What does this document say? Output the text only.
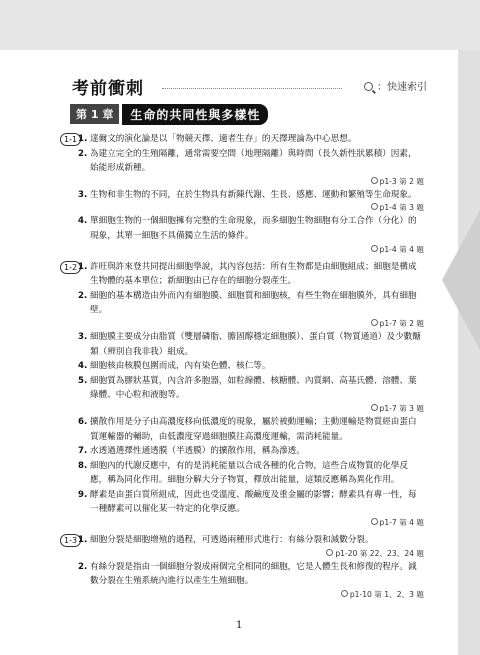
考前衝刺	：快速索引
第 1 章 生命的共同性與多樣性
1-1 1. 達爾文的演化論是以「物競天擇、適者生存」的天擇理論為中心思想。
2. 為建立完全的生殖隔離，通常需要空間（地理隔離）與時間（長久新性狀累積）因素，始能形成新種。
p1-3 第 2 題
3. 生物和非生物的不同，在於生物具有新陳代謝、生長、感應、運動和繁殖等生命現象。
p1-4 第 3 題
4. 單細胞生物的一個細胞擁有完整的生命現象，而多細胞生物細胞有分工合作（分化）的現象，其單一細胞不具備獨立生活的條件。
p1-4 第 4 題
1-2 1. 許旺與許來登共同提出細胞學說，其內容包括：所有生物都是由細胞組成；細胞是構成生物體的基本單位；新細胞由已存在的細胞分裂產生。
2. 細胞的基本構造由外而內有細胞膜、細胞質和細胞核，有些生物在細胞膜外，具有細胞壁。
p1-7 第 2 題
3. 細胞膜主要成分由脂質（雙層磷脂、膽固醇穩定細胞膜）、蛋白質（物質通道）及少數醣類（辨別自我非我）組成。
4. 細胞核由核膜包圍而成，內有染色體、核仁等。
5. 細胞質為膠狀基質，內含許多胞器，如粒線體、核糖體、內質網、高基氏體、溶體、葉綠體、中心粒和液胞等。
p1-7 第 3 題
6. 擴散作用是分子由高濃度移向低濃度的現象，屬於被動運輸；主動運輸是物質經由蛋白質運輸器的輔助，由低濃度穿過細胞膜往高濃度運輸，需消耗能量。
7. 水透過選擇性通透膜（半透膜）的擴散作用，稱為滲透。
8. 細胞內的代謝反應中，有的是消耗能量以合成各種的化合物，這些合成物質的化學反應，稱為同化作用。細胞分解大分子物質，釋放出能量，這類反應稱為異化作用。
9. 酵素是由蛋白質所組成，因此也受溫度、酸鹼度及重金屬的影響；酵素具有專一性，每一種酵素可以催化某一特定的化學反應。
p1-7 第 4 題
1-3 1. 細胞分裂是細胞增殖的過程，可透過兩種形式進行：有絲分裂和減數分裂。
p1-20 第 22、23、24 題
2. 有絲分裂是指由一個細胞分裂成兩個完全相同的細胞，它是人體生長和修復的程序。減數分裂在生殖系統內進行以產生生殖細胞。
p1-10 第 1、2、3 題
1
